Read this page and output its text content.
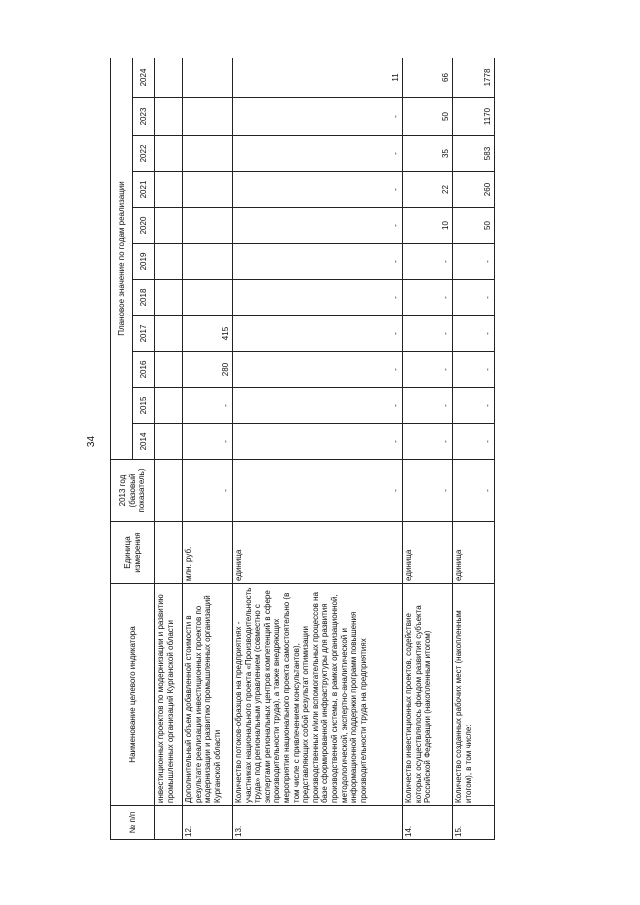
34
№ п/п	Наименование целевого индикатора	Единица измерения	2013 год (базовый показатель)	Плановое значение по годам реализации										
				2014	2015	2016	2017	2018	2019	2020	2021	2022	2023	2024
	инвестиционных проектов по модернизации и развитию промышленных организаций Курганской области													
12.	Дополнительный объем добавленной стоимости в результате реализации инвестиционных проектов по модернизации и развитию промышленных организаций Курганской области	млн. руб.	-	-	-	280	415							
13.	Количество потоков-образцов на предприятиях - участниках национального проекта «Производительность труда» под региональным управлением (совместно с экспертами региональных центров компетенций в сфере производительности труда), а также внедряющих мероприятия национального проекта самостоятельно (в том числе с привлечением консультантов), представляющих собой результат оптимизации производственных и/или вспомогательных процессов на базе сформированной инфраструктуры для развития производственной системы, в рамках организационной, методологической, экспертно-аналитической и информационной поддержки программ повышения производительности труда на предприятиях	единица	-	-	-	-	-	-	-	-	-	-	-	11
14.	Количество инвестиционных проектов, содействие которых осуществлялось фондом развития субъекта Российской Федерации (накопленным итогом)	единица	-	-	-	-	-	-	-	10	22	35	50	66
15.	Количество созданных рабочих мест (накопленным итогом), в том числе:	единица	-	-	-	-	-	-	-	50	260	583	1170	1778
